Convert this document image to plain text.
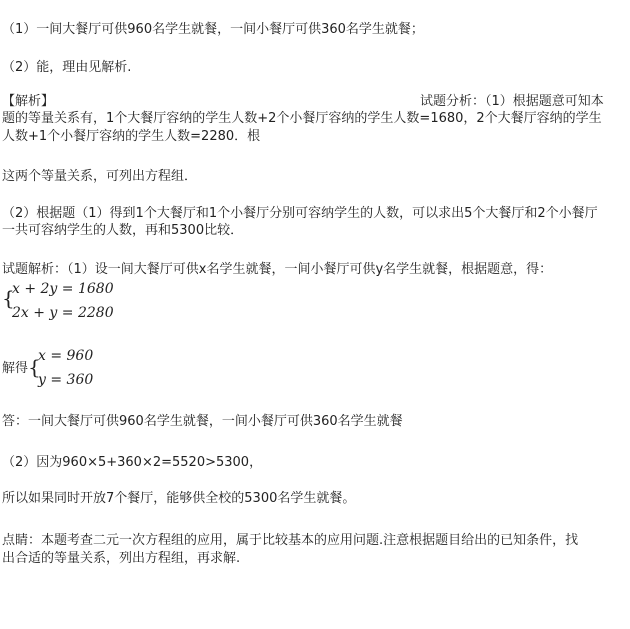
（1）一间大餐厅可供960名学生就餐，一间小餐厅可供360名学生就餐；
（2）能，理由见解析.
【解析】	试题分析：（1）根据题意可知本
题的等量关系有，1个大餐厅容纳的学生人数+2个小餐厅容纳的学生人数=1680，2个大餐厅容纳的学生
人数+1个小餐厅容纳的学生人数=2280．根
这两个等量关系，可列出方程组．
（2）根据题（1）得到1个大餐厅和1个小餐厅分别可容纳学生的人数，可以求出5个大餐厅和2个小餐厅
一共可容纳学生的人数，再和5300比较．
试题解析：（1）设一间大餐厅可供x名学生就餐，一间小餐厅可供y名学生就餐，根据题意，得：
{
x + 2y = 1680
2x + y = 2280
解得 {
x = 960
y = 360
答：一间大餐厅可供960名学生就餐，一间小餐厅可供360名学生就餐
（2）因为960×5+360×2=5520>5300，
所以如果同时开放7个餐厅，能够供全校的5300名学生就餐。
点睛：本题考查二元一次方程组的应用，属于比较基本的应用问题.注意根据题目给出的已知条件，找
出合适的等量关系，列出方程组，再求解.
